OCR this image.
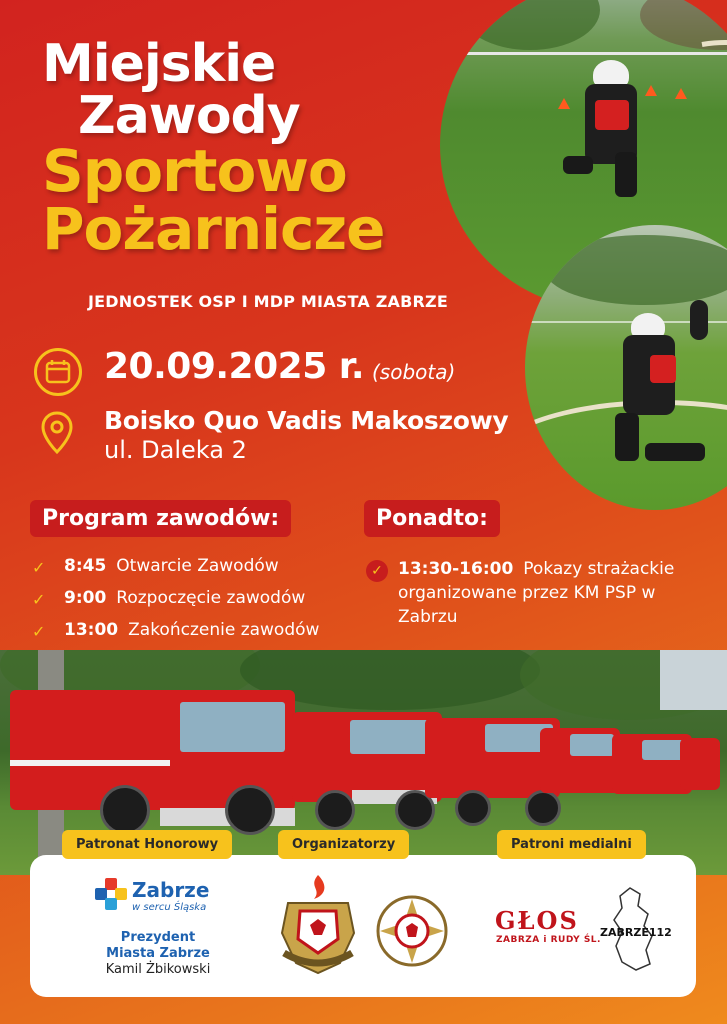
Miejskie
Zawody
Sportowo
Pożarnicze
JEDNOSTEK OSP I MDP MIASTA ZABRZE
20.09.2025 r. (sobota)
Boisko Quo Vadis Makoszowy
ul. Daleka 2
Program zawodów:
✓ 8:45 Otwarcie Zawodów
✓ 9:00 Rozpoczęcie zawodów
✓ 13:00 Zakończenie zawodów
Ponadto:
✓ 13:30-16:00 Pokazy strażackie
organizowane przez KM PSP w
Zabrzu
Patronat Honorowy	Organizatorzy	Patroni medialni
Zabrze
w sercu Śląska
Prezydent
Miasta Zabrze
Kamil Żbikowski
GŁOS
ZABRZA i RUDY ŚL.
ZABRZE112
